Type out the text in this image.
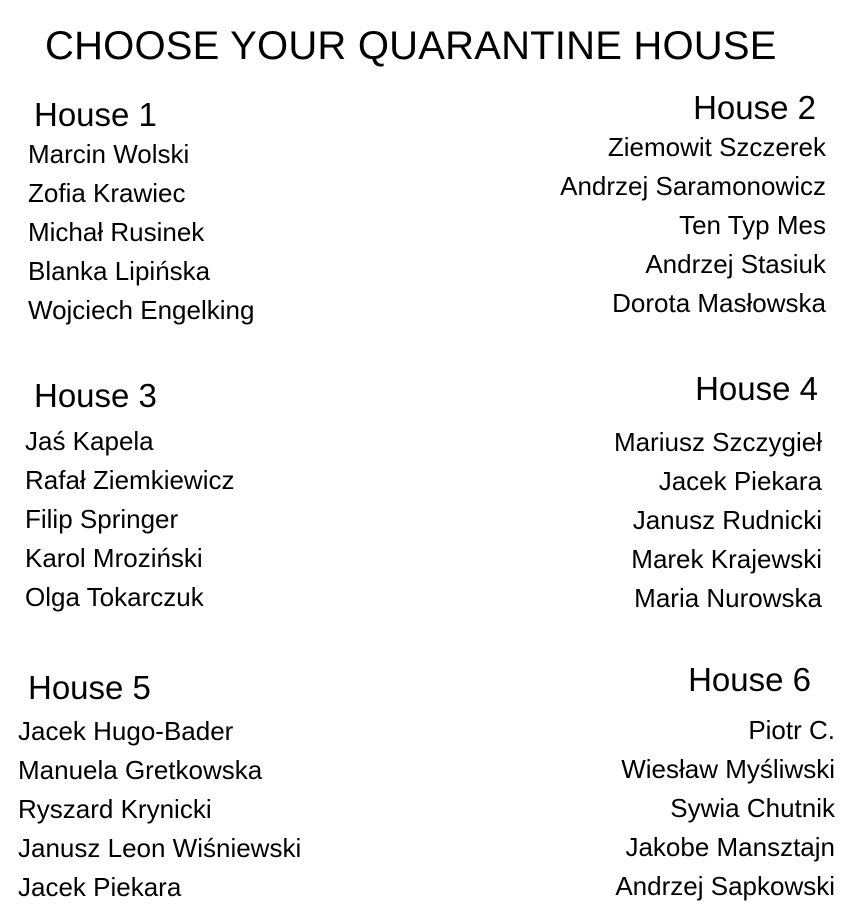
CHOOSE YOUR QUARANTINE HOUSE
House 1
Marcin Wolski
Zofia Krawiec
Michał Rusinek
Blanka Lipińska
Wojciech Engelking
House 2
Ziemowit Szczerek
Andrzej Saramonowicz
Ten Typ Mes
Andrzej Stasiuk
Dorota Masłowska
House 3
Jaś Kapela
Rafał Ziemkiewicz
Filip Springer
Karol Mroziński
Olga Tokarczuk
House 4
Mariusz Szczygieł
Jacek Piekara
Janusz Rudnicki
Marek Krajewski
Maria Nurowska
House 5
Jacek Hugo-Bader
Manuela Gretkowska
Ryszard Krynicki
Janusz Leon Wiśniewski
Jacek Piekara
House 6
Piotr C.
Wiesław Myśliwski
Sywia Chutnik
Jakobe Mansztajn
Andrzej Sapkowski
